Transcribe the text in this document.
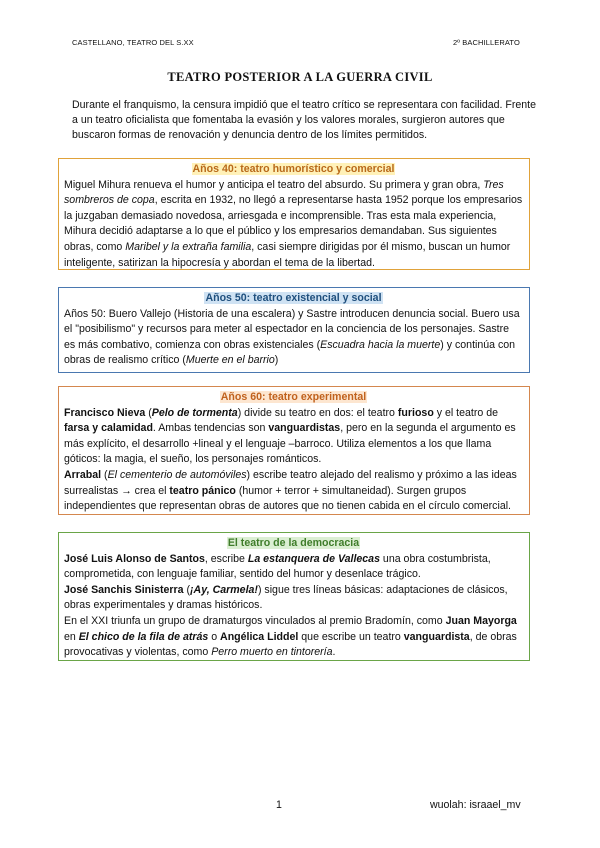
CASTELLANO, TEATRO DEL S.XX	2º BACHILLERATO
TEATRO POSTERIOR A LA GUERRA CIVIL
Durante el franquismo, la censura impidió que el teatro crítico se representara con facilidad. Frente a un teatro oficialista que fomentaba la evasión y los valores morales, surgieron autores que buscaron formas de renovación y denuncia dentro de los límites permitidos.
Años 40: teatro humorístico y comercial

Miguel Mihura renueva el humor y anticipa el teatro del absurdo. Su primera y gran obra, Tres sombreros de copa, escrita en 1932, no llegó a representarse hasta 1952 porque los empresarios la juzgaban demasiado novedosa, arriesgada e incomprensible. Tras esta mala experiencia, Mihura decidió adaptarse a lo que el público y los empresarios demandaban. Sus siguientes obras, como Maribel y la extraña familia, casi siempre dirigidas por él mismo, buscan un humor inteligente, satirizan la hipocresía y abordan el tema de la libertad.

Años 50: teatro existencial y social

Años 50: Buero Vallejo (Historia de una escalera) y Sastre introducen denuncia social. Buero usa el "posibilismo" y recursos para meter al espectador en la conciencia de los personajes. Sastre es más combativo, comienza con obras existenciales (Escuadra hacia la muerte) y continúa con obras de realismo crítico (Muerte en el barrio)

Años 60: teatro experimental

Francisco Nieva (Pelo de tormenta) divide su teatro en dos: el teatro furioso y el teatro de farsa y calamidad. Ambas tendencias son vanguardistas, pero en la segunda el argumento es más explícito, el desarrollo +lineal y el lenguaje –barroco. Utiliza elementos a los que llama góticos: la magia, el sueño, los personajes románticos.

Arrabal (El cementerio de automóviles) escribe teatro alejado del realismo y próximo a las ideas surrealistas → crea el teatro pánico (humor + terror + simultaneidad). Surgen grupos independientes que representan obras de autores que no tienen cabida en el círculo comercial.

El teatro de la democracia

José Luis Alonso de Santos, escribe La estanquera de Vallecas una obra costumbrista, comprometida, con lenguaje familiar, sentido del humor y desenlace trágico.

José Sanchis Sinisterra (¡Ay, Carmela!) sigue tres líneas básicas: adaptaciones de clásicos, obras experimentales y dramas históricos.

En el XXI triunfa un grupo de dramaturgos vinculados al premio Bradomín, como Juan Mayorga en El chico de la fila de atrás o Angélica Liddel que escribe un teatro vanguardista, de obras provocativas y violentas, como Perro muerto en tintorería.

1	wuolah: israael_mv
